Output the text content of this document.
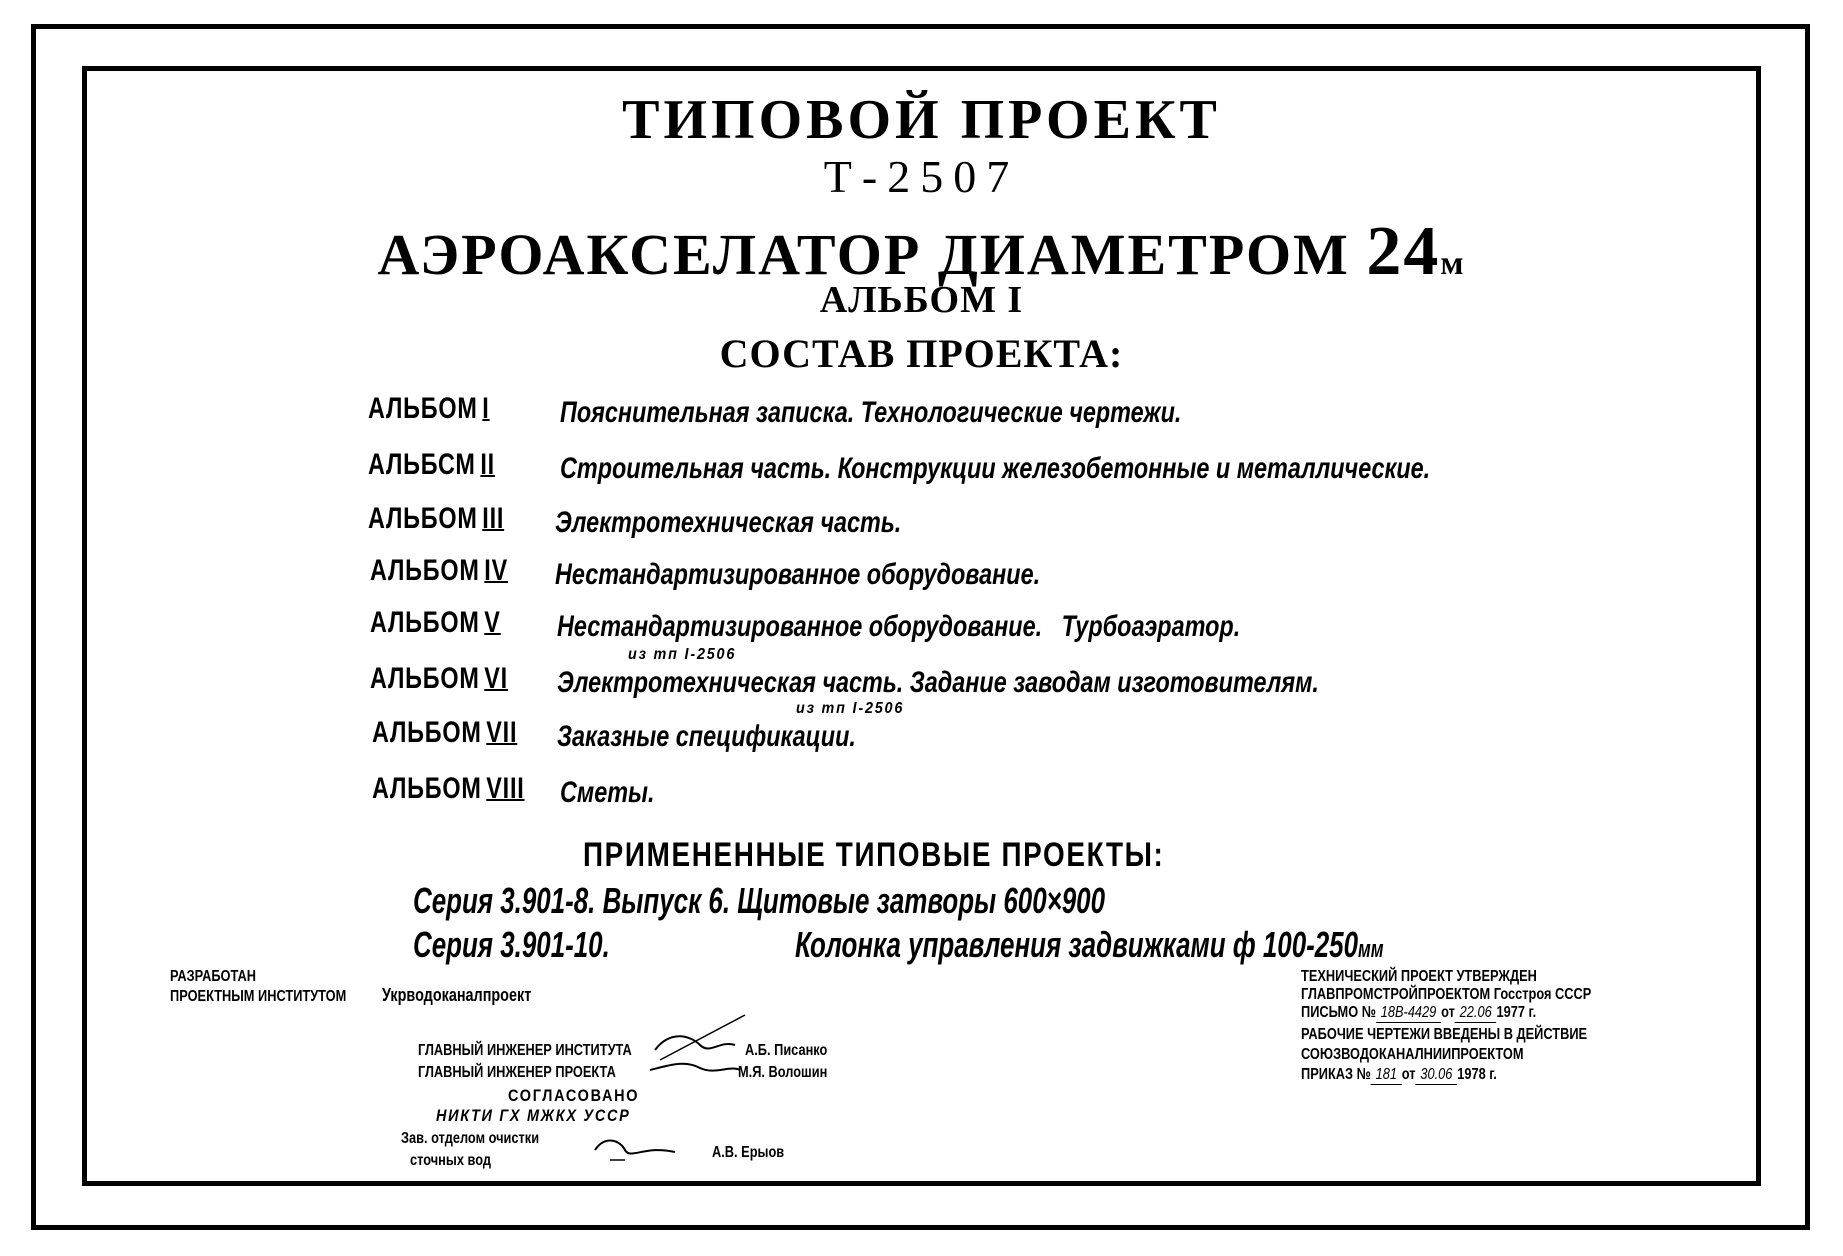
ТИПОВОЙ ПРОЕКТ
Т-2507
АЭРОАКСЕЛАТОР ДИАМЕТРОМ 24м
АЛЬБОМ I
СОСТАВ ПРОЕКТА:
АЛЬБОМ I Пояснительная записка. Технологические чертежи.
АЛЬБСМ II Строительная часть. Конструкции железобетонные и металлические.
АЛЬБОМ III Электротехническая часть.
АЛЬБОМ IV Нестандартизированное оборудование.
АЛЬБОМ V Нестандартизированное оборудование.   Турбоаэратор.
из тп I-2506
АЛЬБОМ VI Электротехническая часть. Задание заводам изготовителям.
из тп I-2506
АЛЬБОМ VII Заказные спецификации.
АЛЬБОМ VIII Сметы.
ПРИМЕНЕННЫЕ ТИПОВЫЕ ПРОЕКТЫ:
Серия 3.901-8. Выпуск 6. Щитовые затворы 600×900
Серия 3.901-10.	Колонка управления задвижками ф 100-250мм
РАЗРАБОТАН
ПРОЕКТНЫМ ИНСТИТУТОМ Укрводоканалпроект
ГЛАВНЫЙ ИНЖЕНЕР ИНСТИТУТА	А.Б. Писанко
ГЛАВНЫЙ ИНЖЕНЕР ПРОЕКТА	М.Я. Волошин
СОГЛАСОВАНО
НИКТИ ГХ МЖКХ УССР
Зав. отделом очистки
сточных вод	А.В. Ерыов
ТЕХНИЧЕСКИЙ ПРОЕКТ УТВЕРЖДЕН
ГЛАВПРОМСТРОЙПРОЕКТОМ Госстроя СССР
ПИСЬМО № 18В-4429 от 22.06 1977 г.
РАБОЧИЕ ЧЕРТЕЖИ ВВЕДЕНЫ В ДЕЙСТВИЕ
СОЮЗВОДОКАНАЛНИИПРОЕКТОМ
ПРИКАЗ № 181 от 30.06 1978 г.
